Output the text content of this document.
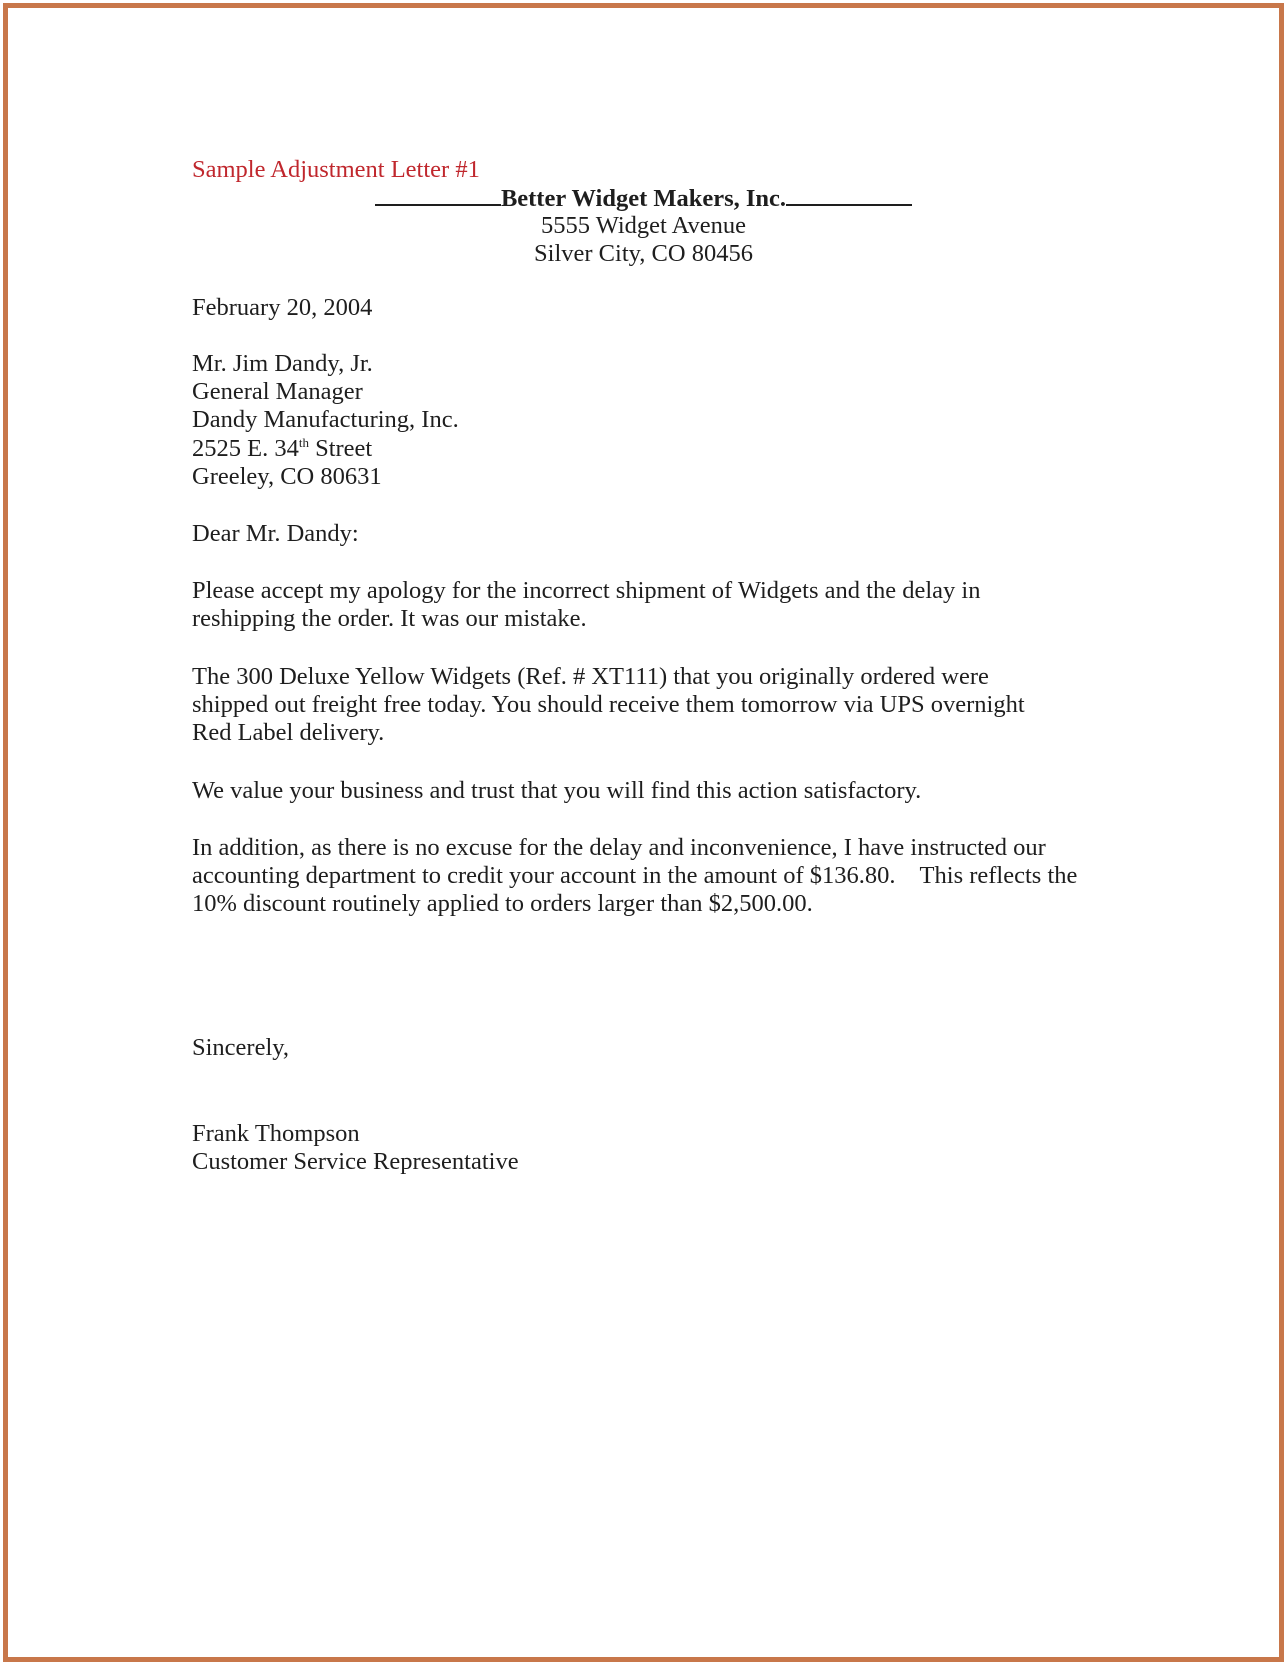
Sample Adjustment Letter #1

Better Widget Makers, Inc.

5555 Widget Avenue

Silver City, CO 80456

February 20, 2004

Mr. Jim Dandy, Jr.

General Manager

Dandy Manufacturing, Inc.

2525 E. 34th Street

Greeley, CO 80631

Dear Mr. Dandy:

Please accept my apology for the incorrect shipment of Widgets and the delay in

reshipping the order. It was our mistake.

The 300 Deluxe Yellow Widgets (Ref. # XT111) that you originally ordered were

shipped out freight free today. You should receive them tomorrow via UPS overnight

Red Label delivery.

We value your business and trust that you will find this action satisfactory.

In addition, as there is no excuse for the delay and inconvenience, I have instructed our

accounting department to credit your account in the amount of $136.80.    This reflects the

10% discount routinely applied to orders larger than $2,500.00.

Sincerely,

Frank Thompson

Customer Service Representative
